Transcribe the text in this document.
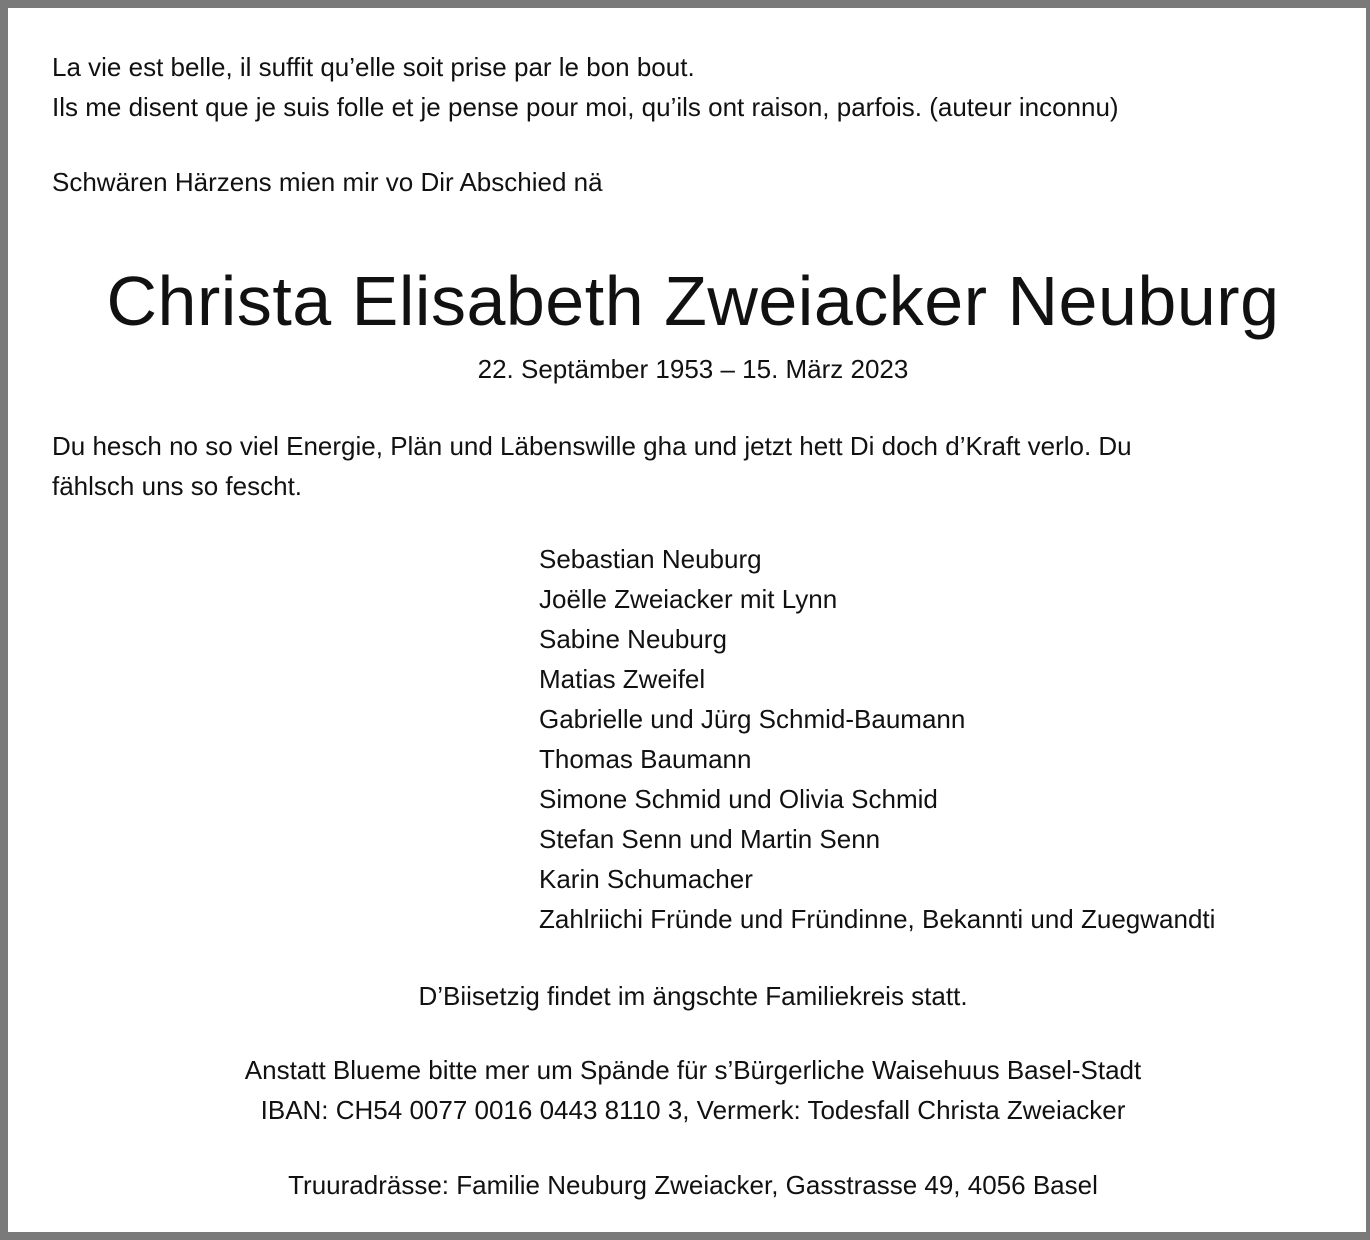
La vie est belle, il suffit qu’elle soit prise par le bon bout.
Ils me disent que je suis folle et je pense pour moi, qu’ils ont raison, parfois. (auteur inconnu)
Schwären Härzens mien mir vo Dir Abschied nä
Christa Elisabeth Zweiacker Neuburg
22. Septämber 1953 – 15. März 2023
Du hesch no so viel Energie, Plän und Läbenswille gha und jetzt hett Di doch d’Kraft verlo. Du
fählsch uns so fescht.
Sebastian Neuburg
Joëlle Zweiacker mit Lynn
Sabine Neuburg
Matias Zweifel
Gabrielle und Jürg Schmid-Baumann
Thomas Baumann
Simone Schmid und Olivia Schmid
Stefan Senn und Martin Senn
Karin Schumacher
Zahlriichi Fründe und Fründinne, Bekannti und Zuegwandti
D’Biisetzig findet im ängschte Familiekreis statt.
Anstatt Blueme bitte mer um Spände für s’Bürgerliche Waisehuus Basel-Stadt
IBAN: CH54 0077 0016 0443 8110 3, Vermerk: Todesfall Christa Zweiacker
Truuradrässe: Familie Neuburg Zweiacker, Gasstrasse 49, 4056 Basel
